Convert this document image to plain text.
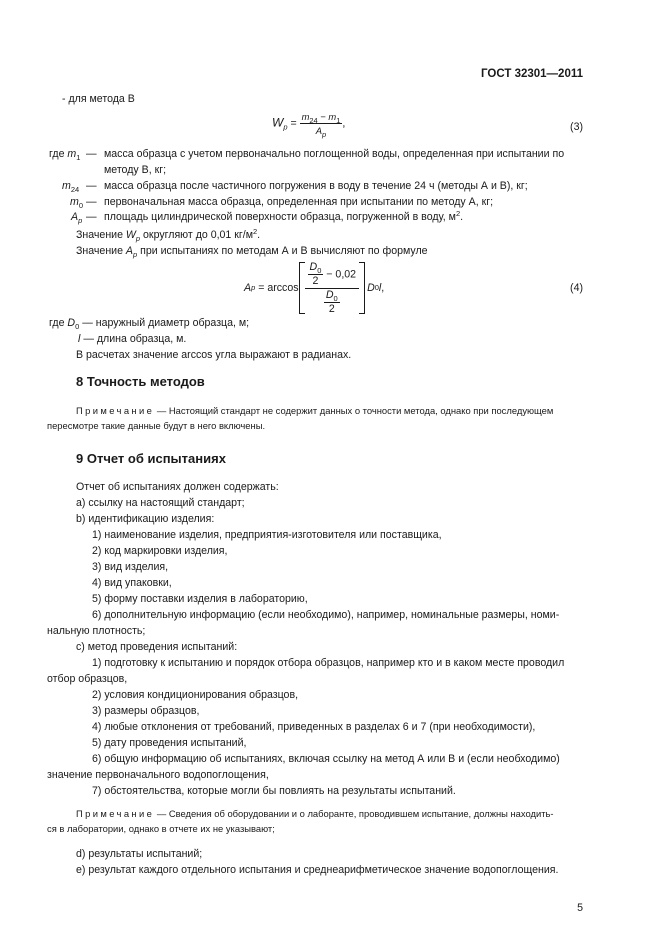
ГОСТ 32301—2011
- для метода В
$W_p = \frac{m_{24} - m_1}{A_p}$ ,	(3)
где $m_1$ — масса образца с учетом первоначально поглощенной воды, определенная при испытании по
методу В, кг;
$m_{24}$ — масса образца после частичного погружения в воду в течение 24 ч (методы А и В), кг;
$m_0$ — первоначальная масса образца, определенная при испытании по методу А, кг;
$A_p$ — площадь цилиндрической поверхности образца, погруженной в воду, $м^2$.
Значение $W_p$ округляют до 0,01 $кг/м^2$.
Значение $A_p$ при испытаниях по методам А и В вычисляют по формуле
A $p = \arccos \frac{\frac{D_0}{2} - 0,02}{\frac{D_0}{2}}$ D 0 l ,	(4)
где $D_0$ — наружный диаметр образца, м;
l — длина образца, м.
В расчетах значение arccos угла выражают в радианах.
8 Точность методов
Примечание — Настоящий стандарт не содержит данных о точности метода, однако при последующем
пересмотре такие данные будут в него включены.
9 Отчет об испытаниях
Отчет об испытаниях должен содержать:
a) ссылку на настоящий стандарт;
b) идентификацию изделия:
1) наименование изделия, предприятия-изготовителя или поставщика,
2) код маркировки изделия,
3) вид изделия,
4) вид упаковки,
5) форму поставки изделия в лабораторию,
6) дополнительную информацию (если необходимо), например, номинальные размеры, номи-
нальную плотность;
c) метод проведения испытаний:
1) подготовку к испытанию и порядок отбора образцов, например кто и в каком месте проводил
отбор образцов,
2) условия кондиционирования образцов,
3) размеры образцов,
4) любые отклонения от требований, приведенных в разделах 6 и 7 (при необходимости),
5) дату проведения испытаний,
6) общую информацию об испытаниях, включая ссылку на метод А или В и (если необходимо)
значение первоначального водопоглощения,
7) обстоятельства, которые могли бы повлиять на результаты испытаний.
Примечание — Сведения об оборудовании и о лаборанте, проводившем испытание, должны находить-
ся в лаборатории, однако в отчете их не указывают;
d) результаты испытаний;
e) результат каждого отдельного испытания и среднеарифметическое значение водопоглощения.
5
